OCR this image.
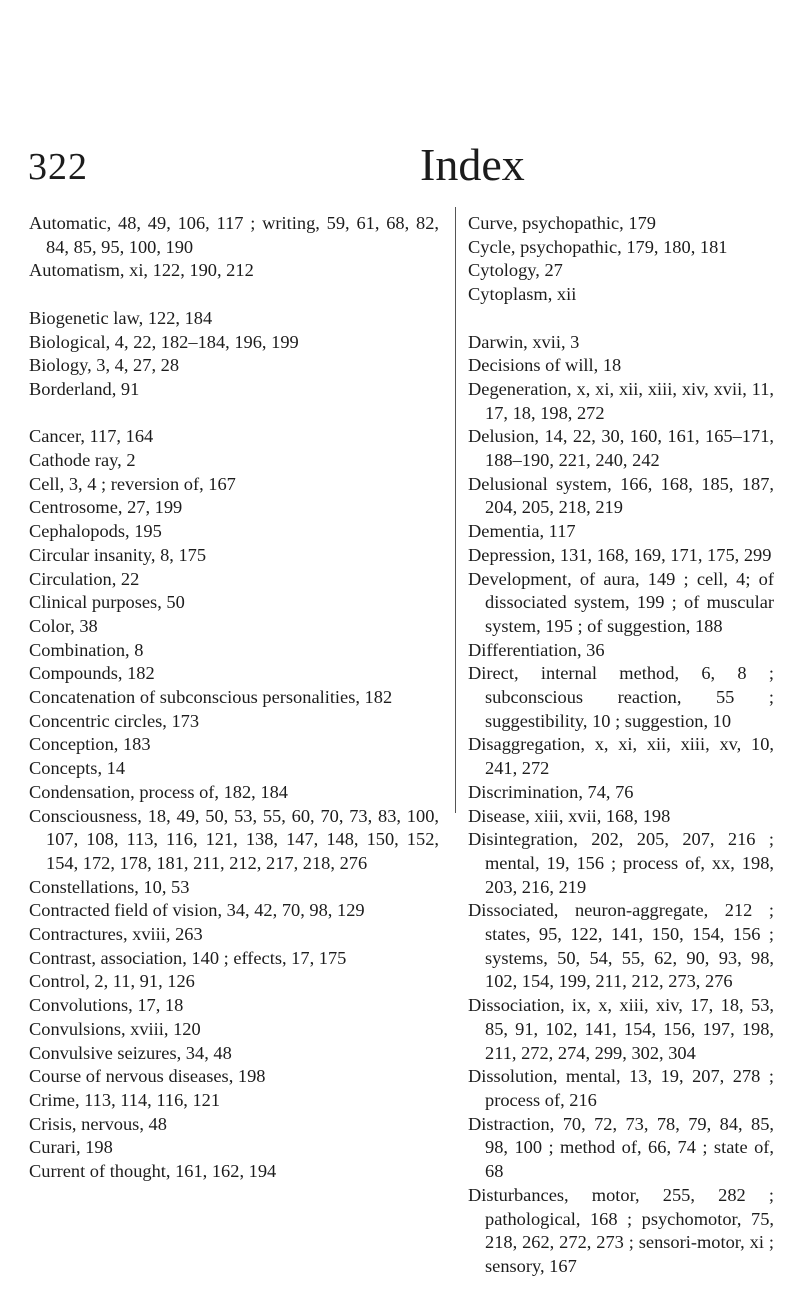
322	Index
Automatic, 48, 49, 106, 117 ; writing, 59, 61, 68, 82, 84, 85, 95, 100, 190
Automatism, xi, 122, 190, 212
Biogenetic law, 122, 184
Biological, 4, 22, 182–184, 196, 199
Biology, 3, 4, 27, 28
Borderland, 91
Cancer, 117, 164
Cathode ray, 2
Cell, 3, 4 ; reversion of, 167
Centrosome, 27, 199
Cephalopods, 195
Circular insanity, 8, 175
Circulation, 22
Clinical purposes, 50
Color, 38
Combination, 8
Compounds, 182
Concatenation of subconscious personalities, 182
Concentric circles, 173
Conception, 183
Concepts, 14
Condensation, process of, 182, 184
Consciousness, 18, 49, 50, 53, 55, 60, 70, 73, 83, 100, 107, 108, 113, 116, 121, 138, 147, 148, 150, 152, 154, 172, 178, 181, 211, 212, 217, 218, 276
Constellations, 10, 53
Contracted field of vision, 34, 42, 70, 98, 129
Contractures, xviii, 263
Contrast, association, 140 ; effects, 17, 175
Control, 2, 11, 91, 126
Convolutions, 17, 18
Convulsions, xviii, 120
Convulsive seizures, 34, 48
Course of nervous diseases, 198
Crime, 113, 114, 116, 121
Crisis, nervous, 48
Curari, 198
Current of thought, 161, 162, 194
Curve, psychopathic, 179
Cycle, psychopathic, 179, 180, 181
Cytology, 27
Cytoplasm, xii
Darwin, xvii, 3
Decisions of will, 18
Degeneration, x, xi, xii, xiii, xiv, xvii, 11, 17, 18, 198, 272
Delusion, 14, 22, 30, 160, 161, 165–171, 188–190, 221, 240, 242
Delusional system, 166, 168, 185, 187, 204, 205, 218, 219
Dementia, 117
Depression, 131, 168, 169, 171, 175, 299
Development, of aura, 149 ; cell, 4; of dissociated system, 199 ; of muscular system, 195 ; of suggestion, 188
Differentiation, 36
Direct, internal method, 6, 8 ; subconscious reaction, 55 ; suggestibility, 10 ; suggestion, 10
Disaggregation, x, xi, xii, xiii, xv, 10, 241, 272
Discrimination, 74, 76
Disease, xiii, xvii, 168, 198
Disintegration, 202, 205, 207, 216 ; mental, 19, 156 ; process of, xx, 198, 203, 216, 219
Dissociated, neuron-aggregate, 212 ; states, 95, 122, 141, 150, 154, 156 ; systems, 50, 54, 55, 62, 90, 93, 98, 102, 154, 199, 211, 212, 273, 276
Dissociation, ix, x, xiii, xiv, 17, 18, 53, 85, 91, 102, 141, 154, 156, 197, 198, 211, 272, 274, 299, 302, 304
Dissolution, mental, 13, 19, 207, 278 ; process of, 216
Distraction, 70, 72, 73, 78, 79, 84, 85, 98, 100 ; method of, 66, 74 ; state of, 68
Disturbances, motor, 255, 282 ; pathological, 168 ; psychomotor, 75, 218, 262, 272, 273 ; sensori-motor, xi ; sensory, 167
